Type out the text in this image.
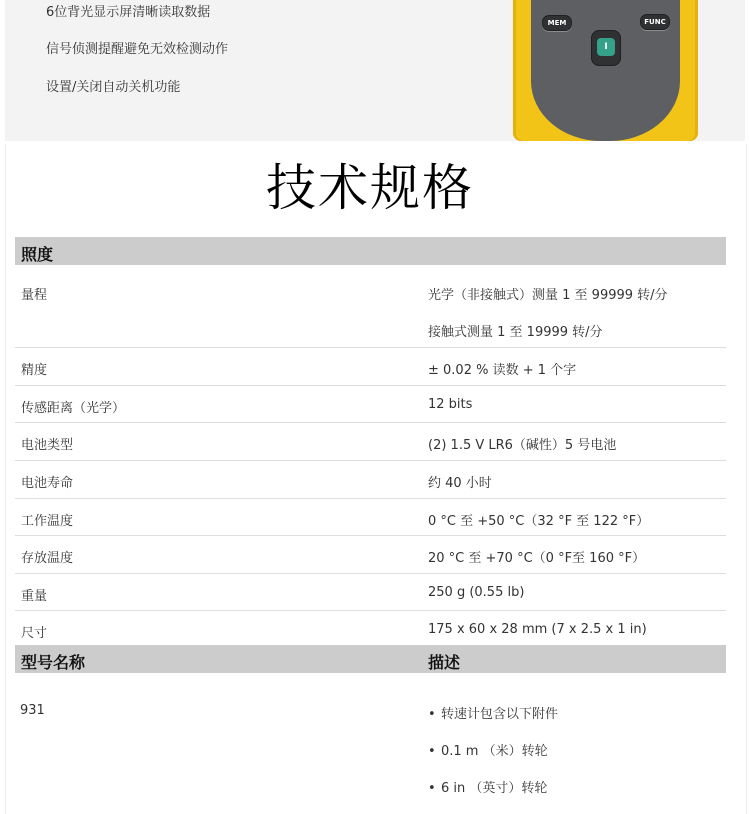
6位背光显示屏清晰读取数据
信号侦测提醒避免无效检测动作
设置/关闭自动关机功能
MEM	FUNC
I
技术规格
照度
量程	光学（非接触式）测量 1 至 99999 转/分
接触式测量 1 至 19999 转/分
精度	± 0.02 % 读数 + 1 个字
传感距离（光学）	12 bits
电池类型	(2) 1.5 V LR6（碱性）5 号电池
电池寿命	约 40 小时
工作温度	0 °C 至 +50 °C（32 °F 至 122 °F）
存放温度	20 °C 至 +70 °C（0 °F至 160 °F）
重量	250 g (0.55 lb)
尺寸	175 x 60 x 28 mm (7 x 2.5 x 1 in)
型号名称	描述
931	• 转速计包含以下附件
• 0.1 m （米）转轮
• 6 in （英寸）转轮
